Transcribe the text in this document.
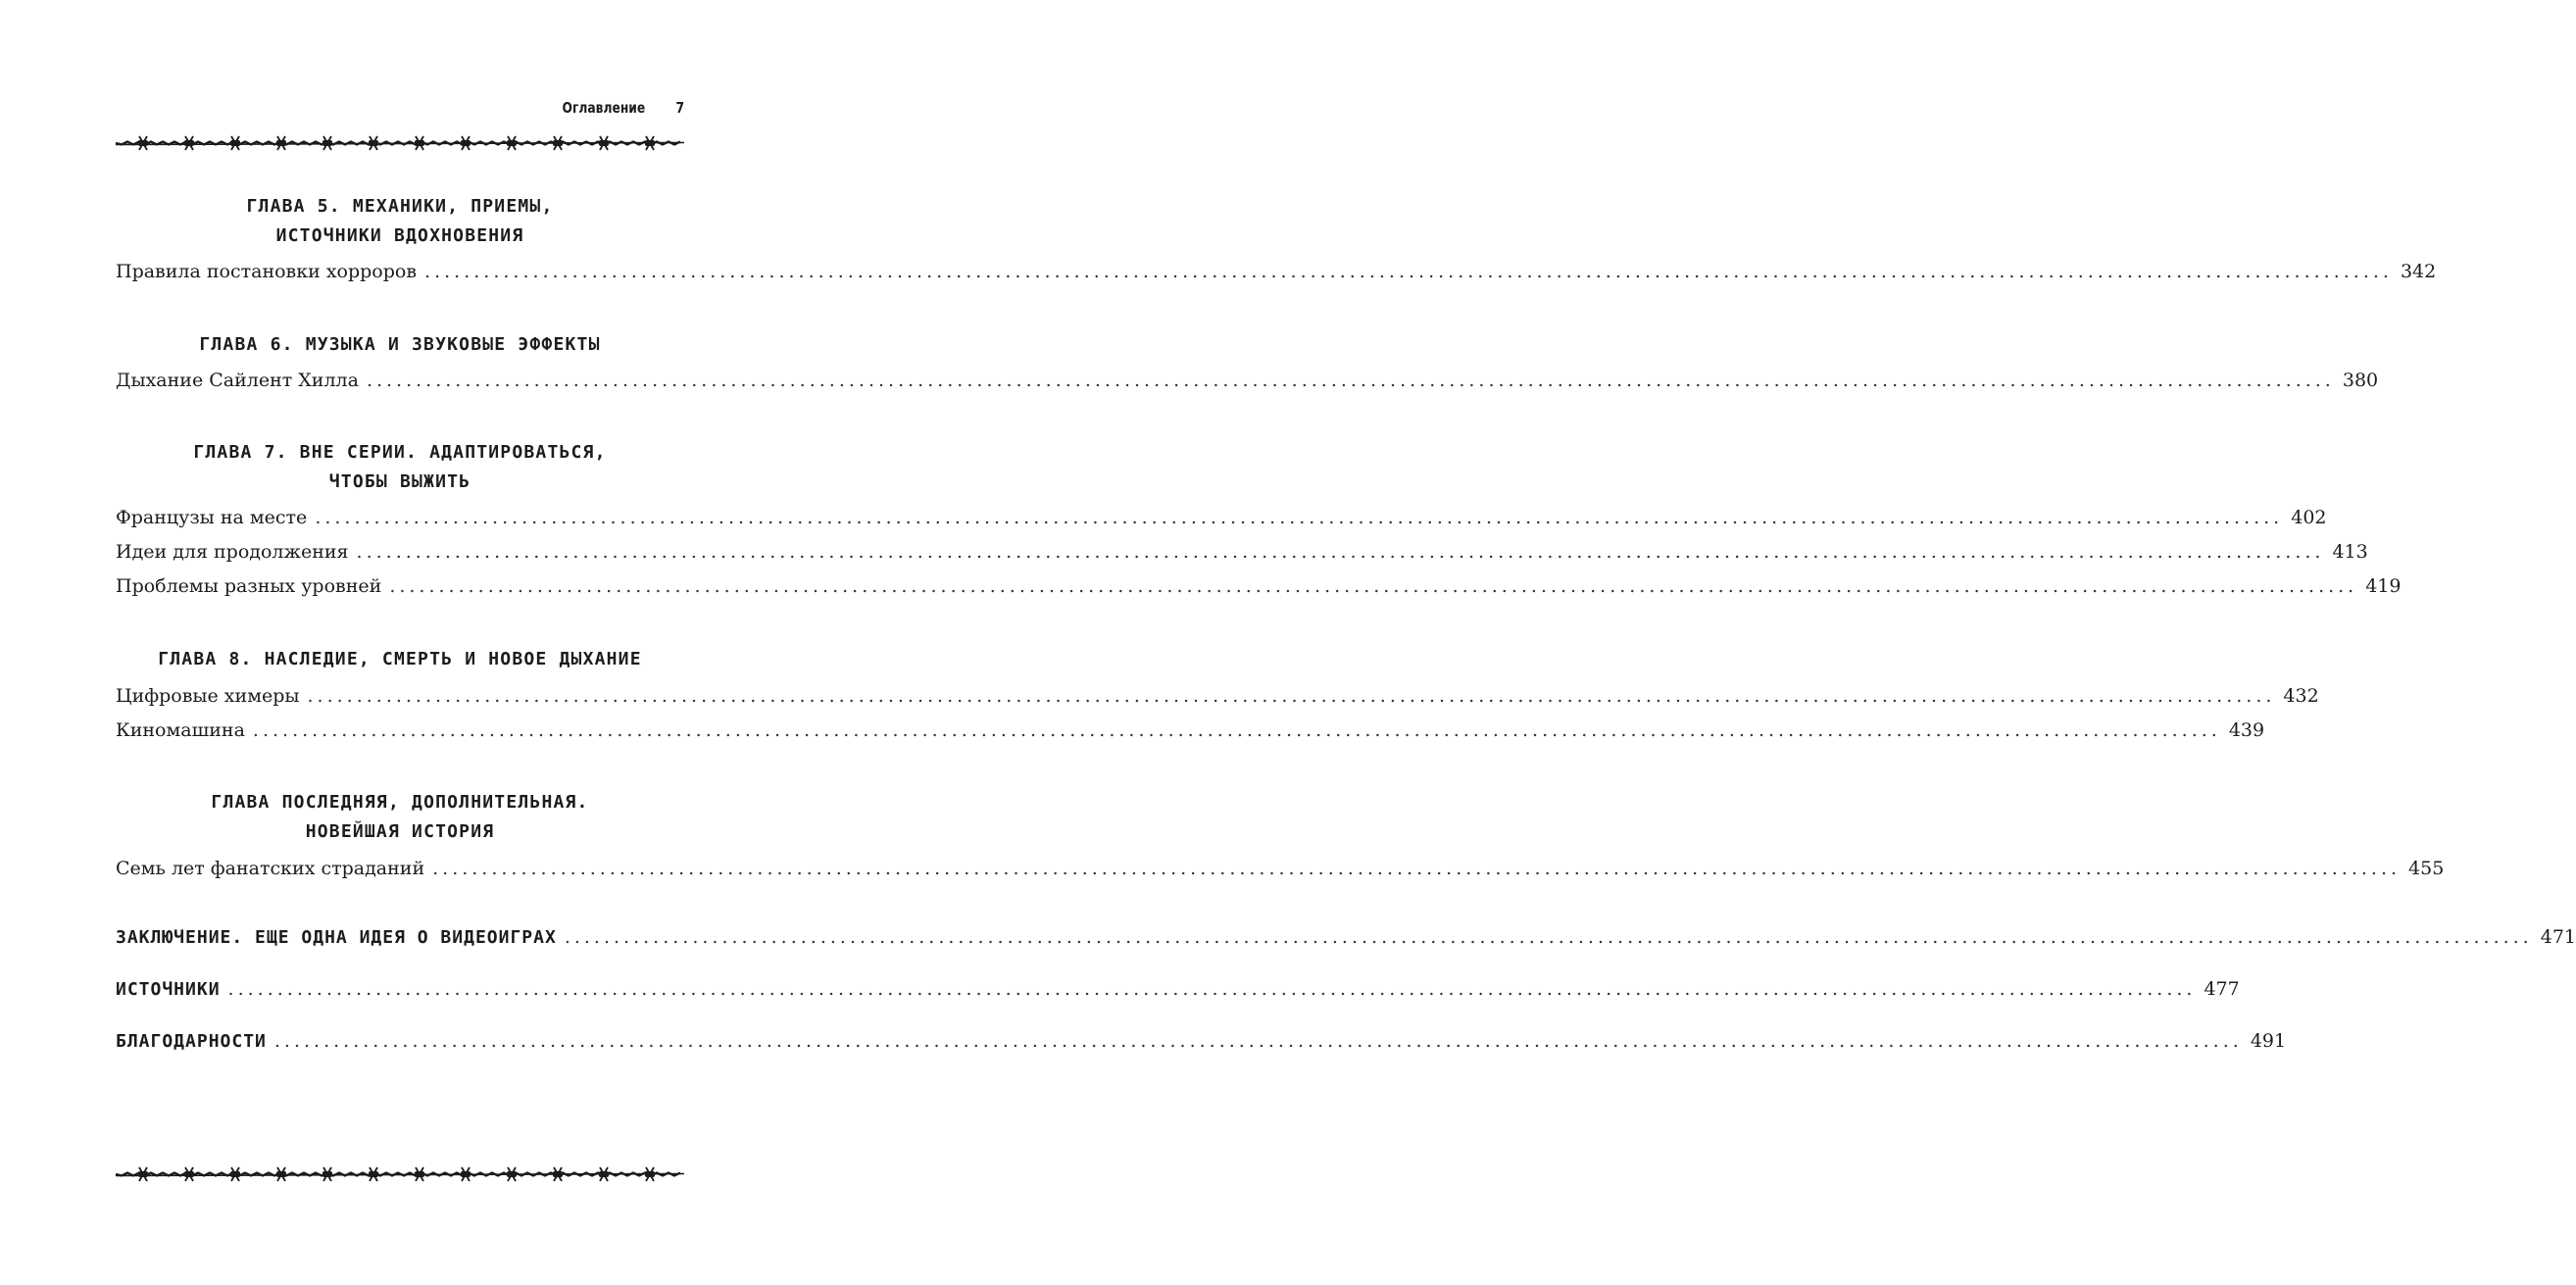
Оглавление 7
ГЛАВА 5. МЕХАНИКИ, ПРИЕМЫ,
ИСТОЧНИКИ ВДОХНОВЕНИЯ
Правила постановки хорроров ........................................................................................................................................................................................................ 342
ГЛАВА 6. МУЗЫКА И ЗВУКОВЫЕ ЭФФЕКТЫ
Дыхание Сайлент Хилла ........................................................................................................................................................................................................ 380
ГЛАВА 7. ВНЕ СЕРИИ. АДАПТИРОВАТЬСЯ,
ЧТОБЫ ВЫЖИТЬ
Французы на месте ........................................................................................................................................................................................................ 402
Идеи для продолжения ........................................................................................................................................................................................................ 413
Проблемы разных уровней ........................................................................................................................................................................................................ 419
ГЛАВА 8. НАСЛЕДИЕ, СМЕРТЬ И НОВОЕ ДЫХАНИЕ
Цифровые химеры ........................................................................................................................................................................................................ 432
Киномашина ........................................................................................................................................................................................................ 439
ГЛАВА ПОСЛЕДНЯЯ, ДОПОЛНИТЕЛЬНАЯ.
НОВЕЙШАЯ ИСТОРИЯ
Семь лет фанатских страданий ........................................................................................................................................................................................................ 455
ЗАКЛЮЧЕНИЕ. ЕЩЕ ОДНА ИДЕЯ О ВИДЕОИГРАХ ........................................................................................................................................................................................................ 471
ИСТОЧНИКИ ........................................................................................................................................................................................................ 477
БЛАГОДАРНОСТИ ........................................................................................................................................................................................................ 491
